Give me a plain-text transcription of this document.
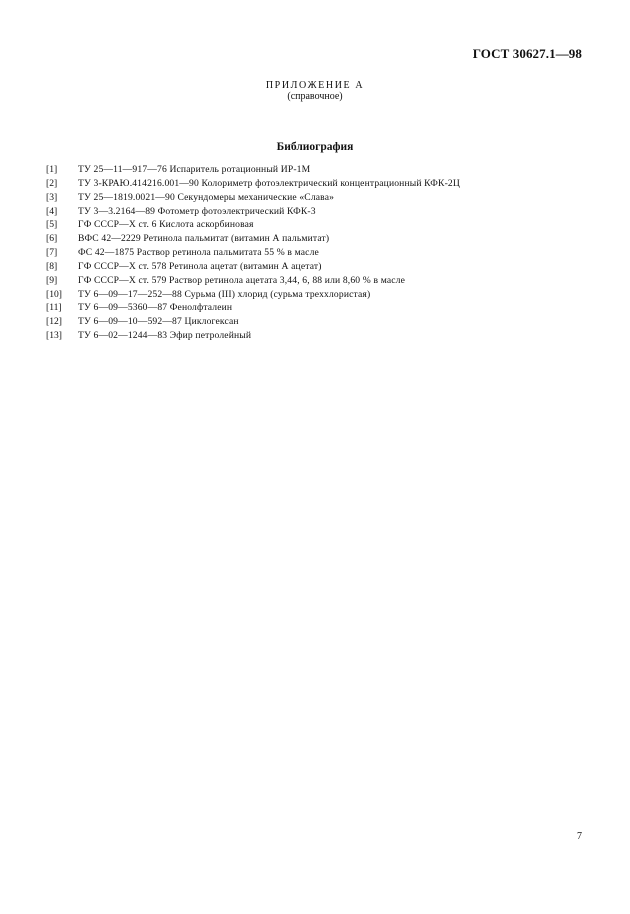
ГОСТ 30627.1—98
ПРИЛОЖЕНИЕ А
(справочное)
Библиография
[1]	ТУ 25—11—917—76 Испаритель ротационный ИР-1М
[2]	ТУ 3-КРАЮ.414216.001—90 Колориметр фотоэлектрический концентрационный КФК-2Ц
[3]	ТУ 25—1819.0021—90 Секундомеры механические «Слава»
[4]	ТУ 3—3.2164—89 Фотометр фотоэлектрический КФК-3
[5]	ГФ СССР—X ст. 6 Кислота аскорбиновая
[6]	ВФС 42—2229 Ретинола пальмитат (витамин А пальмитат)
[7]	ФС 42—1875 Раствор ретинола пальмитата 55 % в масле
[8]	ГФ СССР—X ст. 578 Ретинола ацетат (витамин А ацетат)
[9]	ГФ СССР—X ст. 579 Раствор ретинола ацетата 3,44, 6, 88 или 8,60 % в масле
[10]	ТУ 6—09—17—252—88 Сурьма (III) хлорид (сурьма треххлористая)
[11]	ТУ 6—09—5360—87 Фенолфталеин
[12]	ТУ 6—09—10—592—87 Циклогексан
[13]	ТУ 6—02—1244—83 Эфир петролейный
7
